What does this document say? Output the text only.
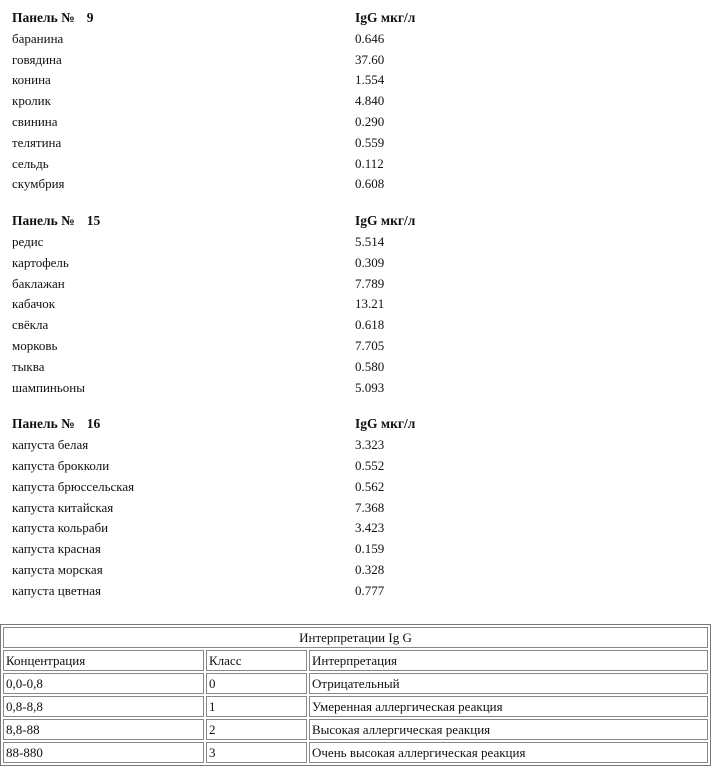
Панель № 9	IgG мкг/л
баранина	0.646
говядина	37.60
конина	1.554
кролик	4.840
свинина	0.290
телятина	0.559
сельдь	0.112
скумбрия	0.608
Панель № 15	IgG мкг/л
редис	5.514
картофель	0.309
баклажан	7.789
кабачок	13.21
свёкла	0.618
морковь	7.705
тыква	0.580
шампиньоны	5.093
Панель № 16	IgG мкг/л
капуста белая	3.323
капуста брокколи	0.552
капуста брюссельская	0.562
капуста китайская	7.368
капуста кольраби	3.423
капуста красная	0.159
капуста морская	0.328
капуста цветная	0.777
Интерпретации Ig G		
Концентрация	Класс	Интерпретация
0,0-0,8	0	Отрицательный
0,8-8,8	1	Умеренная аллергическая реакция
8,8-88	2	Высокая аллергическая реакция
88-880	3	Очень высокая аллергическая реакция
